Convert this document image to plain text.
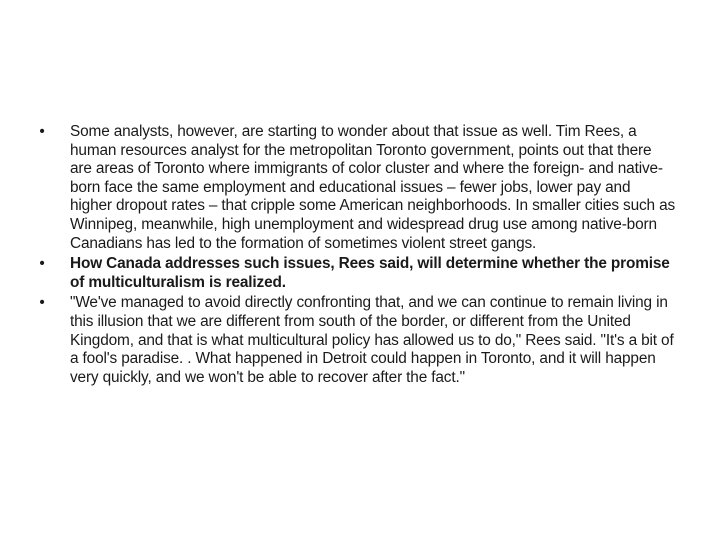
• Some analysts, however, are starting to wonder about that issue as well. Tim Rees, a human resources analyst for the metropolitan Toronto government, points out that there are areas of Toronto where immigrants of color cluster and where the foreign- and native-born face the same employment and educational issues – fewer jobs, lower pay and higher dropout rates – that cripple some American neighborhoods. In smaller cities such as Winnipeg, meanwhile, high unemployment and widespread drug use among native-born Canadians has led to the formation of sometimes violent street gangs.
• How Canada addresses such issues, Rees said, will determine whether the promise of multiculturalism is realized.
• "We've managed to avoid directly confronting that, and we can continue to remain living in this illusion that we are different from south of the border, or different from the United Kingdom, and that is what multicultural policy has allowed us to do," Rees said. "It's a bit of a fool's paradise. . What happened in Detroit could happen in Toronto, and it will happen very quickly, and we won't be able to recover after the fact."
